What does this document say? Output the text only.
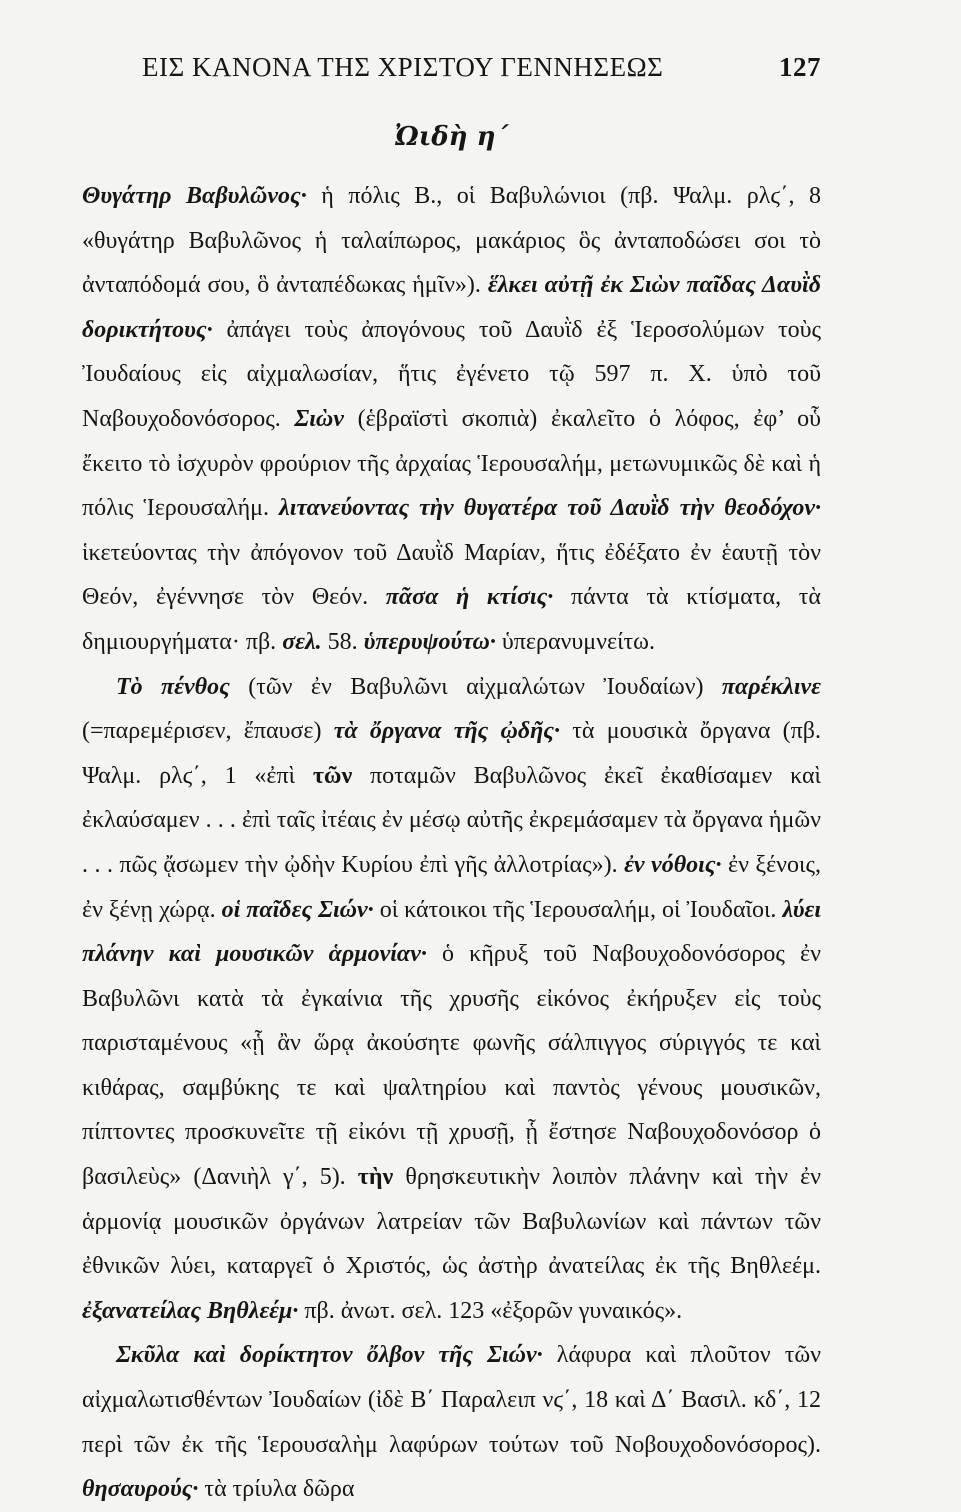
ΕΙΣ ΚΑΝΟΝΑ ΤΗΣ ΧΡΙΣΤΟΥ ΓΕΝΝΗΣΕΩΣ	127
Ὠιδὴ η΄

Θυγάτηρ Βαβυλῶνος· ἡ πόλις Β., οἱ Βαβυλώνιοι (πβ. Ψαλμ. ρλϛ΄, 8 «θυγάτηρ Βαβυλῶνος ἡ ταλαίπωρος, μακάριος ὃς ἀνταποδώσει σοι τὸ ἀνταπόδομά σου, ὃ ἀνταπέδωκας ἡμῖν»). ἕλκει αὐτῇ ἐκ Σιὼν παῖδας Δαυῒδ δορικτήτους· ἀπάγει τοὺς ἀπογόνους τοῦ Δαυῒδ ἐξ Ἱεροσολύμων τοὺς Ἰουδαίους εἰς αἰχμαλωσίαν, ἥτις ἐγένετο τῷ 597 π. Χ. ὑπὸ τοῦ Ναβουχοδονόσορος. Σιὼν (ἑβραϊστὶ σκοπιὰ) ἐκαλεῖτο ὁ λόφος, ἐφ’ οὗ ἔκειτο τὸ ἰσχυρὸν φρούριον τῆς ἀρχαίας Ἱερουσαλήμ, μετωνυμικῶς δὲ καὶ ἡ πόλις Ἱερουσαλήμ. λιτανεύοντας τὴν θυγατέρα τοῦ Δαυῒδ τὴν θεοδόχον· ἱκετεύοντας τὴν ἀπόγονον τοῦ Δαυῒδ Μαρίαν, ἥτις ἐδέξατο ἐν ἑαυτῇ τὸν Θεόν, ἐγέννησε τὸν Θεόν. πᾶσα ἡ κτίσις· πάντα τὰ κτίσματα, τὰ δημιουργήματα· πβ. σελ. 58. ὑπερυψούτω· ὑπερανυμνείτω.

Τὸ πένθος (τῶν ἐν Βαβυλῶνι αἰχμαλώτων Ἰουδαίων) παρέκλινε (=παρεμέρισεν, ἔπαυσε) τὰ ὄργανα τῆς ᾠδῆς· τὰ μουσικὰ ὄργανα (πβ. Ψαλμ. ρλϛ΄, 1 «ἐπὶ τῶν ποταμῶν Βαβυλῶνος ἐκεῖ ἐκαθίσαμεν καὶ ἐκλαύσαμεν . . . ἐπὶ ταῖς ἰτέαις ἐν μέσῳ αὐτῆς ἐκρεμάσαμεν τὰ ὄργανα ἡμῶν . . . πῶς ᾄσωμεν τὴν ᾠδὴν Κυρίου ἐπὶ γῆς ἀλλοτρίας»). ἐν νόθοις· ἐν ξένοις, ἐν ξένῃ χώρᾳ. οἱ παῖδες Σιών· οἱ κάτοικοι τῆς Ἱερουσαλήμ, οἱ Ἰουδαῖοι. λύει πλάνην καὶ μουσικῶν ἁρμονίαν· ὁ κῆρυξ τοῦ Ναβουχοδονόσορος ἐν Βαβυλῶνι κατὰ τὰ ἐγκαίνια τῆς χρυσῆς εἰκόνος ἐκήρυξεν εἰς τοὺς παρισταμένους «ᾗ ἂν ὥρᾳ ἀκούσητε φωνῆς σάλπιγγος σύριγγός τε καὶ κιθάρας, σαμβύκης τε καὶ ψαλτηρίου καὶ παντὸς γένους μουσικῶν, πίπτοντες προσκυνεῖτε τῇ εἰκόνι τῇ χρυσῇ, ᾗ ἔστησε Ναβουχοδονόσορ ὁ βασιλεὺς» (Δανιὴλ γ΄, 5). τὴν θρησκευτικὴν λοιπὸν πλάνην καὶ τὴν ἐν ἁρμονίᾳ μουσικῶν ὀργάνων λατρείαν τῶν Βαβυλωνίων καὶ πάντων τῶν ἐθνικῶν λύει, καταργεῖ ὁ Χριστός, ὡς ἀστὴρ ἀνατείλας ἐκ τῆς Βηθλεέμ. ἐξανατείλας Βηθλεέμ· πβ. ἀνωτ. σελ. 123 «ἐξορῶν γυναικός».

Σκῦλα καὶ δορίκτητον ὄλβον τῆς Σιών· λάφυρα καὶ πλοῦτον τῶν αἰχμαλωτισθέντων Ἰουδαίων (ἰδὲ Β΄ Παραλειπ νϛ΄, 18 καὶ Δ΄ Βασιλ. κδ΄, 12 περὶ τῶν ἐκ τῆς Ἱερουσαλὴμ λαφύρων τούτων τοῦ Νοβουχοδονόσορος). θησαυρούς· τὰ τρίυλα δῶρα
